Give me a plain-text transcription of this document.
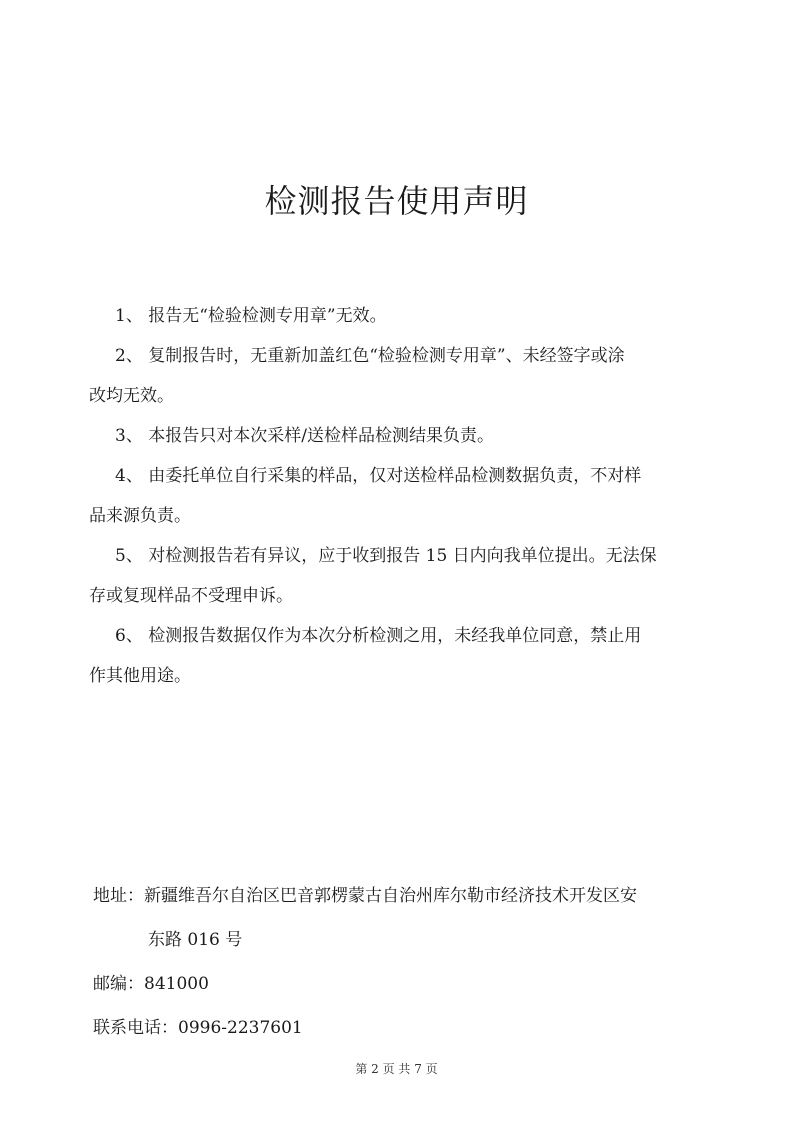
检测报告使用声明
1、 报告无“检验检测专用章”无效。
2、 复制报告时，无重新加盖红色“检验检测专用章”、未经签字或涂
改均无效。
3、 本报告只对本次采样/送检样品检测结果负责。
4、 由委托单位自行采集的样品，仅对送检样品检测数据负责，不对样
品来源负责。
5、 对检测报告若有异议，应于收到报告 15 日内向我单位提出。无法保
存或复现样品不受理申诉。
6、 检测报告数据仅作为本次分析检测之用，未经我单位同意，禁止用
作其他用途。
地址：新疆维吾尔自治区巴音郭楞蒙古自治州库尔勒市经济技术开发区安
东路 016 号
邮编：841000
联系电话：0996-2237601
第 2 页 共 7 页
